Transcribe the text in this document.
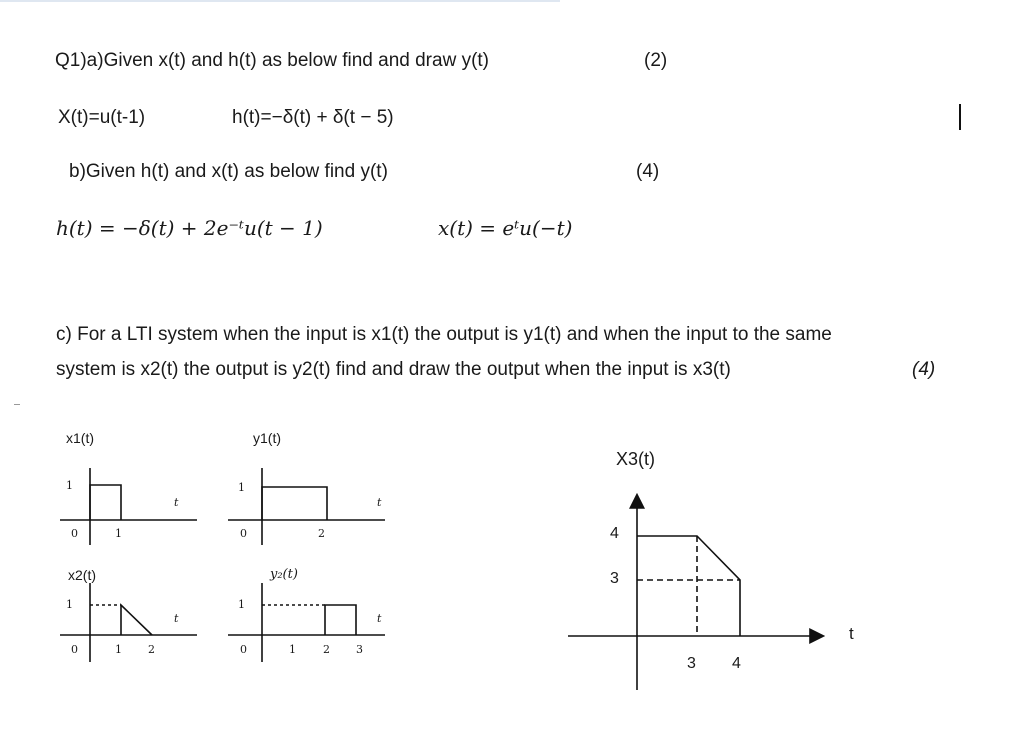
Q1)a)Given x(t) and h(t) as below find and draw y(t)	(2)
X(t)=u(t-1)	h(t)=−δ(t) + δ(t − 5)
b)Given h(t) and x(t) as below find y(t)	(4)
h(t) = −δ(t) + 2e⁻ᵗu(t − 1)	x(t) = eᵗu(−t)
c) For a LTI system when the input is x1(t) the output is y1(t) and when the input to the same
system is x2(t) the output is y2(t) find and draw the output when the input is x3(t)	(4)
x1(t)
1
t
0	1
y1(t)
1
t
0	2
x2(t)
1
t
0	1 2
y₂(t)
1
t
0	1 2 3
X3(t)
4
3
3 4
t
